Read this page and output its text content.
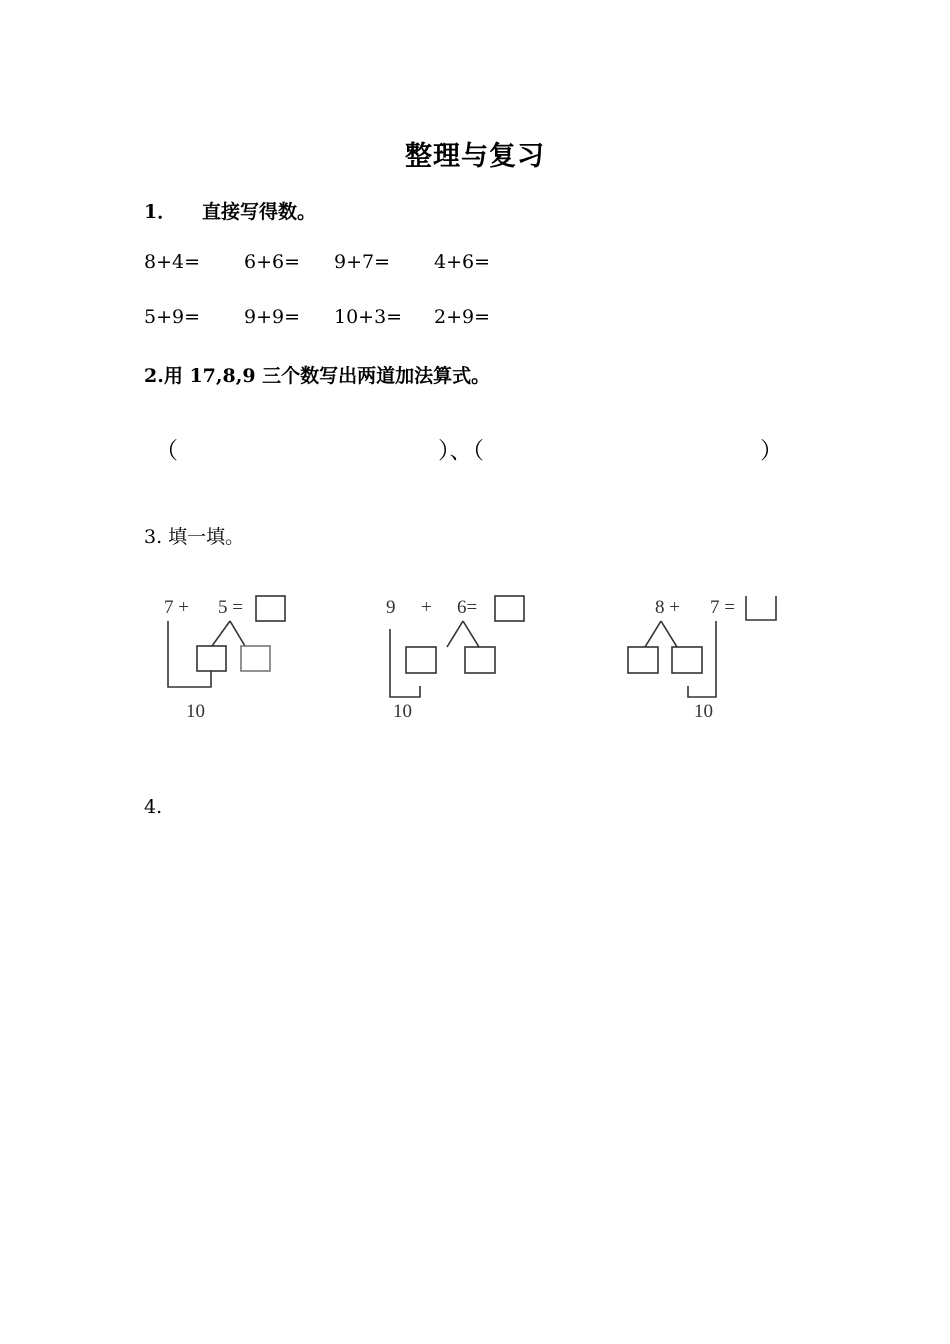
整理与复习
1． 直接写得数。
8+4= 6+6= 9+7= 4+6=
5+9= 9+9= 10+3= 2+9=
2.用 17,8,9 三个数写出两道加法算式。
（	）、（	）
3. 填一填。
7 + 5 =
10
9 + 6=
10
8 + 7 =
10
4.
